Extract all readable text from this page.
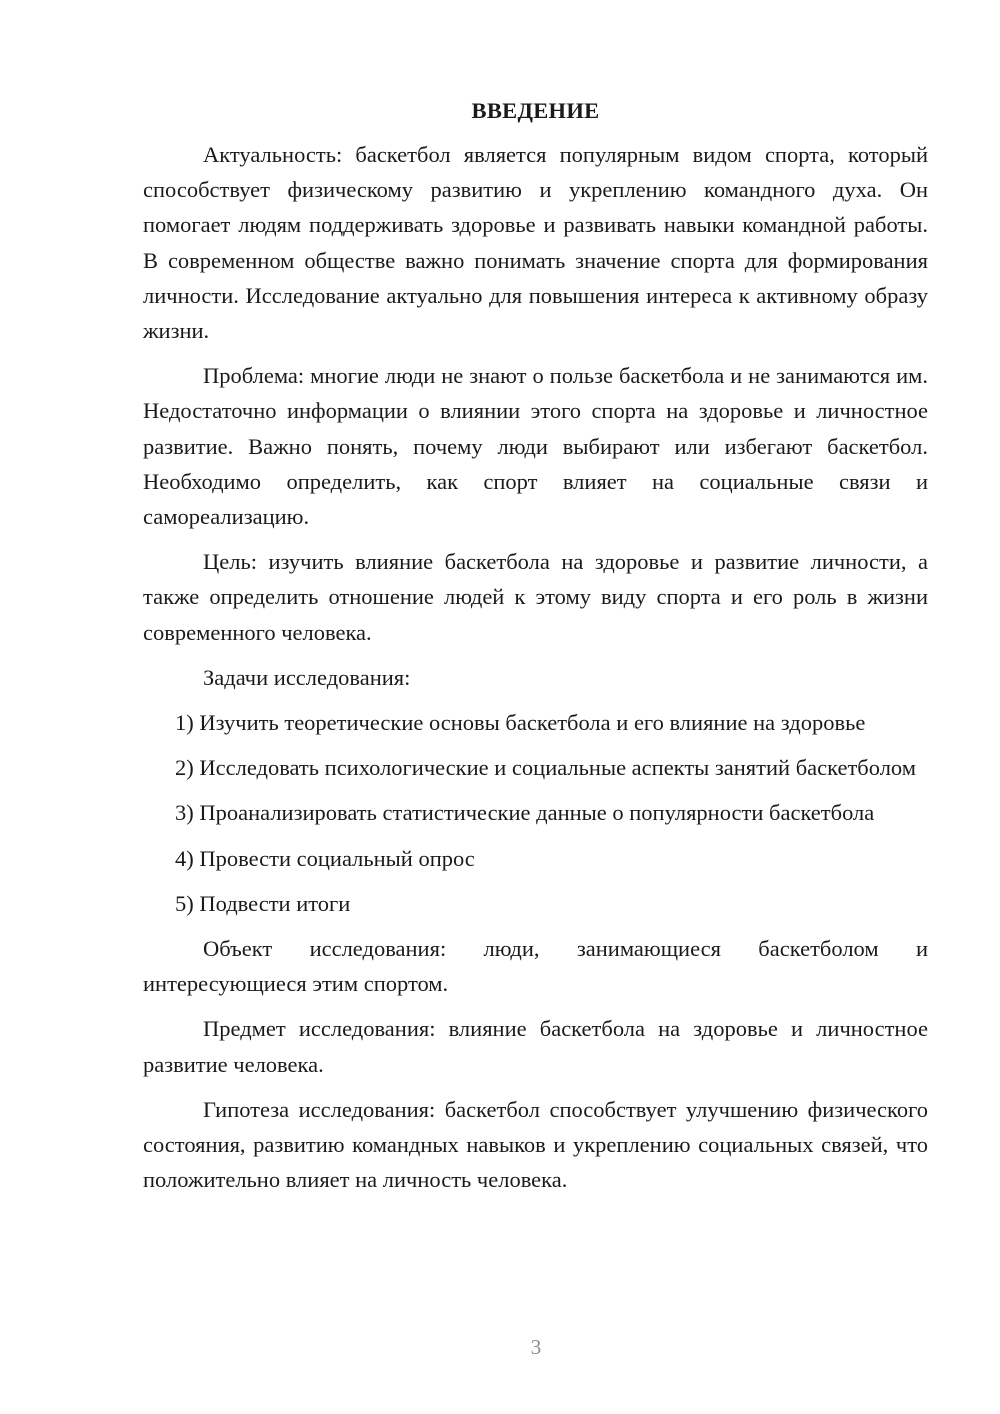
ВВЕДЕНИЕ

Актуальность: баскетбол является популярным видом спорта, который способствует физическому развитию и укреплению командного духа. Он помогает людям поддерживать здоровье и развивать навыки командной работы. В современном обществе важно понимать значение спорта для формирования личности. Исследование актуально для повышения интереса к активному образу жизни.

Проблема: многие люди не знают о пользе баскетбола и не занимаются им. Недостаточно информации о влиянии этого спорта на здоровье и личностное развитие. Важно понять, почему люди выбирают или избегают баскетбол. Необходимо определить, как спорт влияет на социальные связи и самореализацию.

Цель: изучить влияние баскетбола на здоровье и развитие личности, а также определить отношение людей к этому виду спорта и его роль в жизни современного человека.

Задачи исследования:

1) Изучить теоретические основы баскетбола и его влияние на здоровье

2) Исследовать психологические и социальные аспекты занятий баскетболом

3) Проанализировать статистические данные о популярности баскетбола

4) Провести социальный опрос

5) Подвести итоги

Объект исследования: люди, занимающиеся баскетболом и интересующиеся этим спортом.

Предмет исследования: влияние баскетбола на здоровье и личностное развитие человека.

Гипотеза исследования: баскетбол способствует улучшению физического состояния, развитию командных навыков и укреплению социальных связей, что положительно влияет на личность человека.

3
